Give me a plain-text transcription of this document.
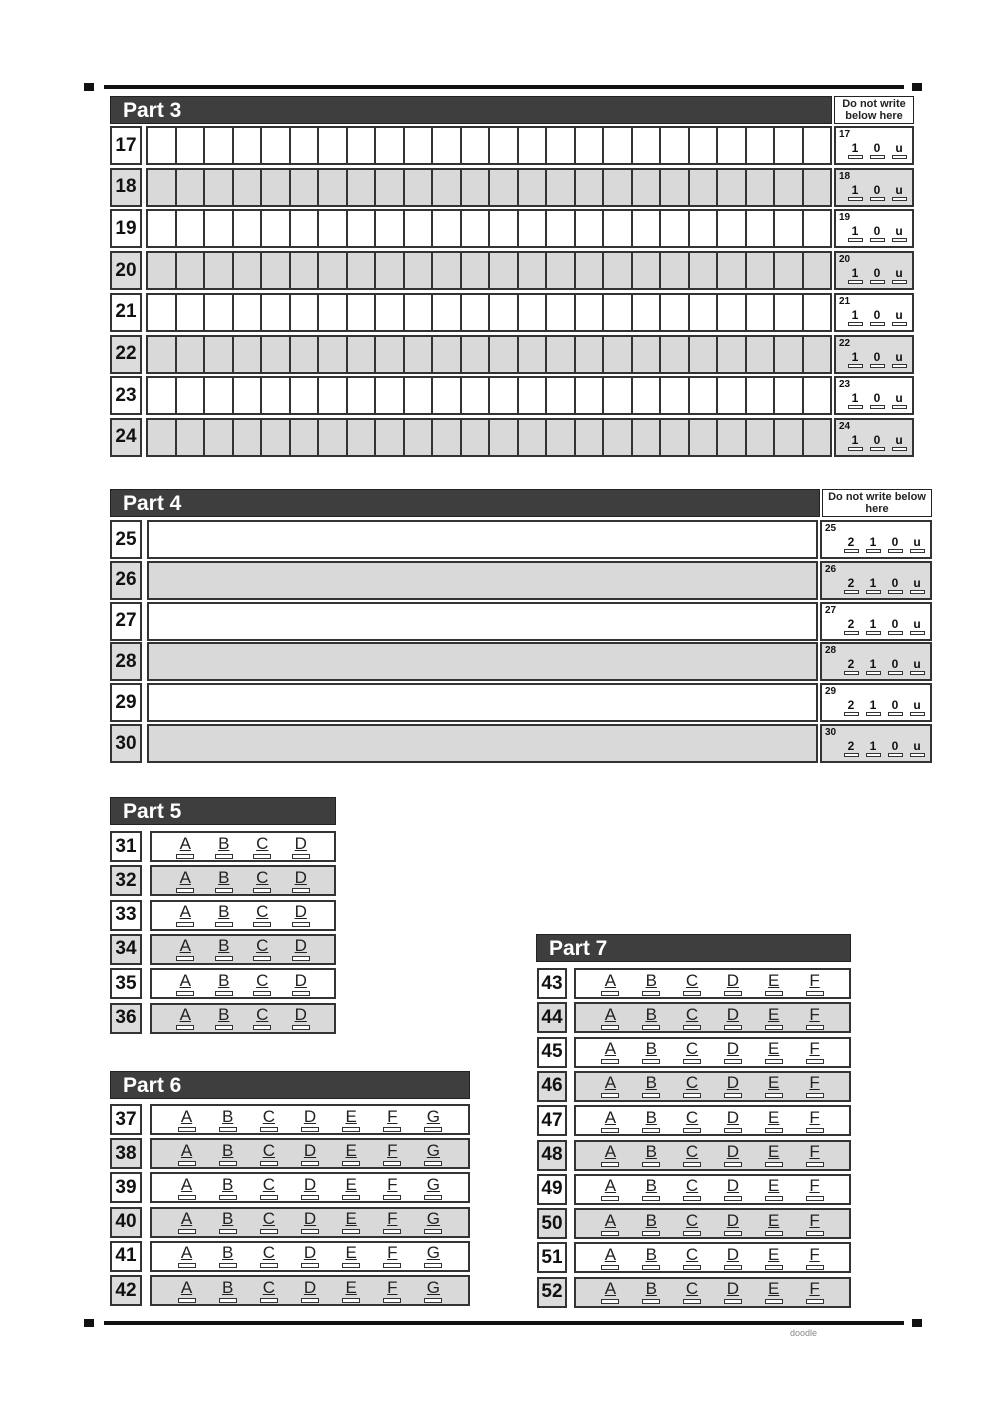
Part 3	Do not write below here
17	17
1 0 u
18	18
1 0 u
19	19
1 0 u
20	20
1 0 u
21	21
1 0 u
22	22
1 0 u
23	23
1 0 u
24	24
1 0 u
Part 4	Do not write below here
25	25
2 1 0 u
26	26
2 1 0 u
27	27
2 1 0 u
28	28
2 1 0 u
29	29
2 1 0 u
30	30
2 1 0 u
Part 5
31	A B C D
32	A B C D
33	A B C D
34	A B C D
35	A B C D
36	A B C D
Part 6
37	A B C D E F G
38	A B C D E F G
39	A B C D E F G
40	A B C D E F G
41	A B C D E F G
42	A B C D E F G
Part 7
43 A B C D E F
44 A B C D E F
45 A B C D E F
46 A B C D E F
47 A B C D E F
48 A B C D E F
49 A B C D E F
50 A B C D E F
51 A B C D E F
52 A B C D E F
doodle
